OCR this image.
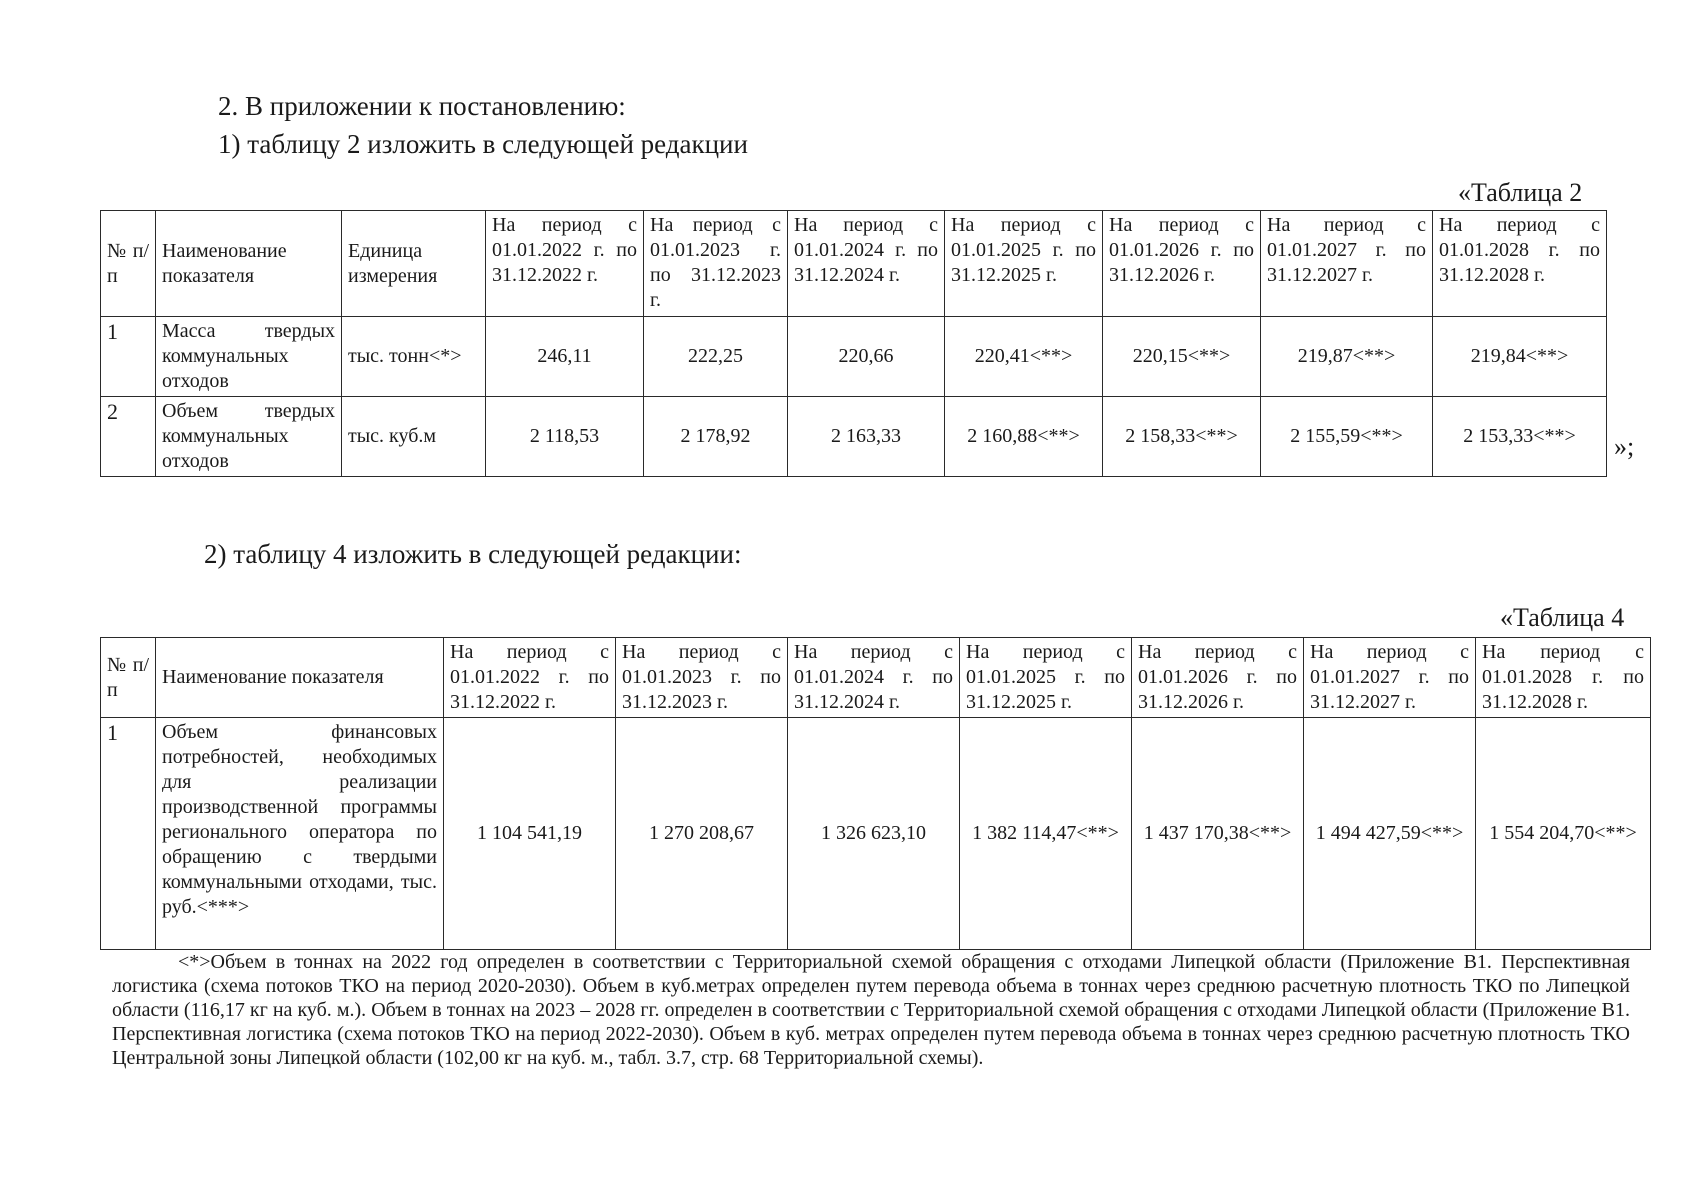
2. В приложении к постановлению:
1) таблицу 2 изложить в следующей редакции
«Таблица 2
№ п/п	Наименование показателя	Единица измерения	На период с 01.01.2022 г. по 31.12.2022 г.	На период с 01.01.2023 г. по 31.12.2023 г.	На период с 01.01.2024 г. по 31.12.2024 г.	На период с 01.01.2025 г. по 31.12.2025 г.	На период с 01.01.2026 г. по 31.12.2026 г.	На период с 01.01.2027 г. по 31.12.2027 г.	На период с 01.01.2028 г. по 31.12.2028 г.
1	Масса твердых коммунальных отходов	тыс. тонн<*>	246,11	222,25	220,66	220,41<**>	220,15<**>	219,87<**>	219,84<**>
2	Объем твердых коммунальных отходов	тыс. куб.м	2 118,53	2 178,92	2 163,33	2 160,88<**>	2 158,33<**>	2 155,59<**>	2 153,33<**> »;
2) таблицу 4 изложить в следующей редакции:
«Таблица 4
№ п/п	Наименование показателя	На период с 01.01.2022 г. по 31.12.2022 г.	На период с 01.01.2023 г. по 31.12.2023 г.	На период с 01.01.2024 г. по 31.12.2024 г.	На период с 01.01.2025 г. по 31.12.2025 г.	На период с 01.01.2026 г. по 31.12.2026 г.	На период с 01.01.2027 г. по 31.12.2027 г.	На период с 01.01.2028 г. по 31.12.2028 г.
1	Объем финансовых потребностей, необходимых для реализации производственной программы регионального оператора по обращению с твердыми коммунальными отходами, тыс. руб.<***>	1 104 541,19	1 270 208,67	1 326 623,10	1 382 114,47<**>	1 437 170,38<**>	1 494 427,59<**>	1 554 204,70<**>
<*>Объем в тоннах на 2022 год определен в соответствии с Территориальной схемой обращения с отходами Липецкой области (Приложение В1. Перспективная логистика (схема потоков ТКО на период 2020-2030). Объем в куб.метрах определен путем перевода объема в тоннах через среднюю расчетную плотность ТКО по Липецкой области (116,17 кг на куб. м.). Объем в тоннах на 2023 – 2028 гг. определен в соответствии с Территориальной схемой обращения с отходами Липецкой области (Приложение В1. Перспективная логистика (схема потоков ТКО на период 2022-2030). Объем в куб. метрах определен путем перевода объема в тоннах через среднюю расчетную плотность ТКО Центральной зоны Липецкой области (102,00 кг на куб. м., табл. 3.7, стр. 68 Территориальной схемы).
